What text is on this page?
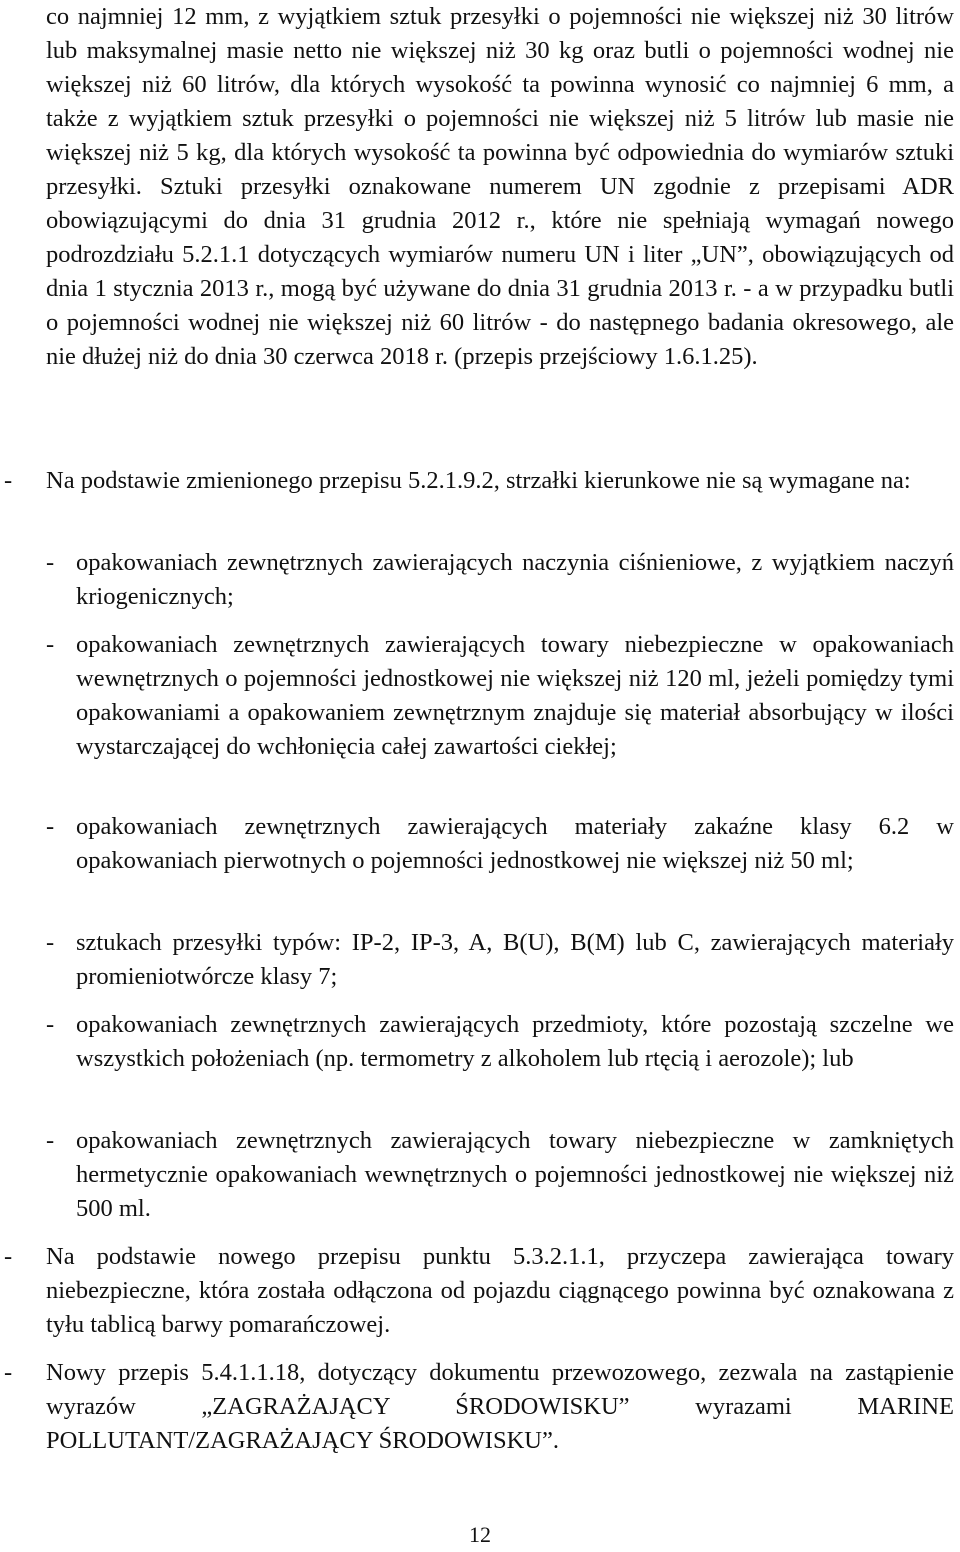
co najmniej 12 mm, z wyjątkiem sztuk przesyłki o pojemności nie większej niż 30 litrów lub maksymalnej masie netto nie większej niż 30 kg oraz butli o pojemności wodnej nie większej niż 60 litrów, dla których wysokość ta powinna wynosić co najmniej 6 mm, a także z wyjątkiem sztuk przesyłki o pojemności nie większej niż 5 litrów lub masie nie większej niż 5 kg, dla których wysokość ta powinna być odpowiednia do wymiarów sztuki przesyłki. Sztuki przesyłki oznakowane numerem UN zgodnie z przepisami ADR obowiązującymi do dnia 31 grudnia 2012 r., które nie spełniają wymagań nowego podrozdziału 5.2.1.1 dotyczących wymiarów numeru UN i liter „UN”, obowiązujących od dnia 1 stycznia 2013 r., mogą być używane do dnia 31 grudnia 2013 r. - a w przypadku butli o pojemności wodnej nie większej niż 60 litrów - do następnego badania okresowego, ale nie dłużej niż do dnia 30 czerwca 2018 r. (przepis przejściowy 1.6.1.25).

- Na podstawie zmienionego przepisu 5.2.1.9.2, strzałki kierunkowe nie są wymagane na:

- opakowaniach zewnętrznych zawierających naczynia ciśnieniowe, z wyjątkiem naczyń kriogenicznych;

- opakowaniach zewnętrznych zawierających towary niebezpieczne w opakowaniach wewnętrznych o pojemności jednostkowej nie większej niż 120 ml, jeżeli pomiędzy tymi opakowaniami a opakowaniem zewnętrznym znajduje się materiał absorbujący w ilości wystarczającej do wchłonięcia całej zawartości ciekłej;

- opakowaniach zewnętrznych zawierających materiały zakaźne klasy 6.2 w opakowaniach pierwotnych o pojemności jednostkowej nie większej niż 50 ml;

- sztukach przesyłki typów: IP-2, IP-3, A, B(U), B(M) lub C, zawierających materiały promieniotwórcze klasy 7;

- opakowaniach zewnętrznych zawierających przedmioty, które pozostają szczelne we wszystkich położeniach (np. termometry z alkoholem lub rtęcią i aerozole); lub

- opakowaniach zewnętrznych zawierających towary niebezpieczne w zamkniętych hermetycznie opakowaniach wewnętrznych o pojemności jednostkowej nie większej niż 500 ml.

- Na podstawie nowego przepisu punktu 5.3.2.1.1, przyczepa zawierająca towary niebezpieczne, która została odłączona od pojazdu ciągnącego powinna być oznakowana z tyłu tablicą barwy pomarańczowej.

- Nowy przepis 5.4.1.1.18, dotyczący dokumentu przewozowego, zezwala na zastąpienie wyrazów „ZAGRAŻAJĄCY ŚRODOWISKU” wyrazami MARINE POLLUTANT/ZAGRAŻAJĄCY ŚRODOWISKU”.

12
